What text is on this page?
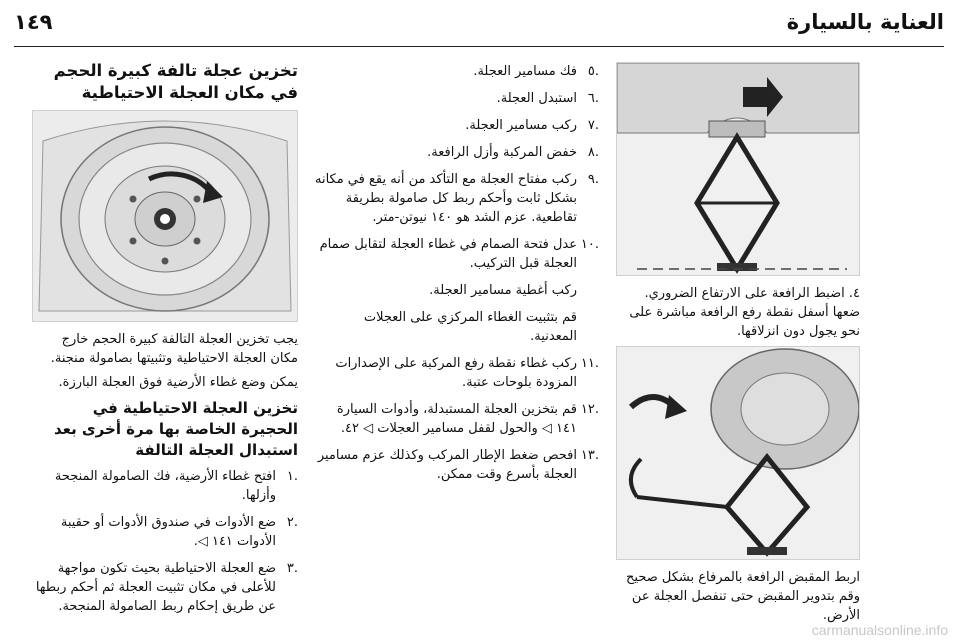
١٤٩	العناية بالسيارة
تخزين عجلة تالفة كبيرة الحجم في مكان العجلة الاحتياطية

يجب تخزين العجلة التالفة كبيرة الحجم خارج مكان العجلة الاحتياطية وتثبيتها بصامولة منجنة.

يمكن وضع غطاء الأرضية فوق العجلة البارزة.

تخزين العجلة الاحتياطية في الحجيرة الخاصة بها مرة أخرى بعد استبدال العجلة التالفة
.١
افتح غطاء الأرضية، فك الصامولة المنجحة وأزلها.
.٢
ضع الأدوات في صندوق الأدوات أو حقيبة الأدوات ١٤١ ◁.
.٣
ضع العجلة الاحتياطية بحيث تكون مواجهة للأعلى في مكان تثبيت العجلة ثم أحكم ربطها عن طريق إحكام ربط الصامولة المنجحة.
.٥
فك مسامير العجلة.
.٦
استبدل العجلة.
.٧
ركب مسامير العجلة.
.٨
خفض المركبة وأزل الرافعة.
.٩
ركب مفتاح العجلة مع التأكد من أنه يقع في مكانه بشكل ثابت وأحكم ربط كل صامولة بطريقة تقاطعية. عزم الشد هو ١٤٠ نيوتن-متر.
.١٠
عدل فتحة الصمام في غطاء العجلة لتقابل صمام العجلة قبل التركيب.
ركب أغطية مسامير العجلة.
قم بتثبيت الغطاء المركزي على العجلات المعدنية.
.١١
ركب غطاء نقطة رفع المركبة على الإصدارات المزودة بلوحات عتبة.
.١٢
قم بتخزين العجلة المستبدلة، وأدوات السيارة ١٤١ ◁ والحول لقفل مسامير العجلات ◁ ٤٢.
.١٣
افحص ضغط الإطار المركب وكذلك عزم مسامير العجلة بأسرع وقت ممكن.

٤. اضبط الرافعة على الارتفاع الضروري. ضعها أسفل نقطة رفع الرافعة مباشرة على نحو يجول دون انزلاقها.

اربط المقبض الرافعة بالمرفاع بشكل صحيح وقم بتدوير المقبض حتى تنفصل العجلة عن الأرض.

carmanualsonline.info
